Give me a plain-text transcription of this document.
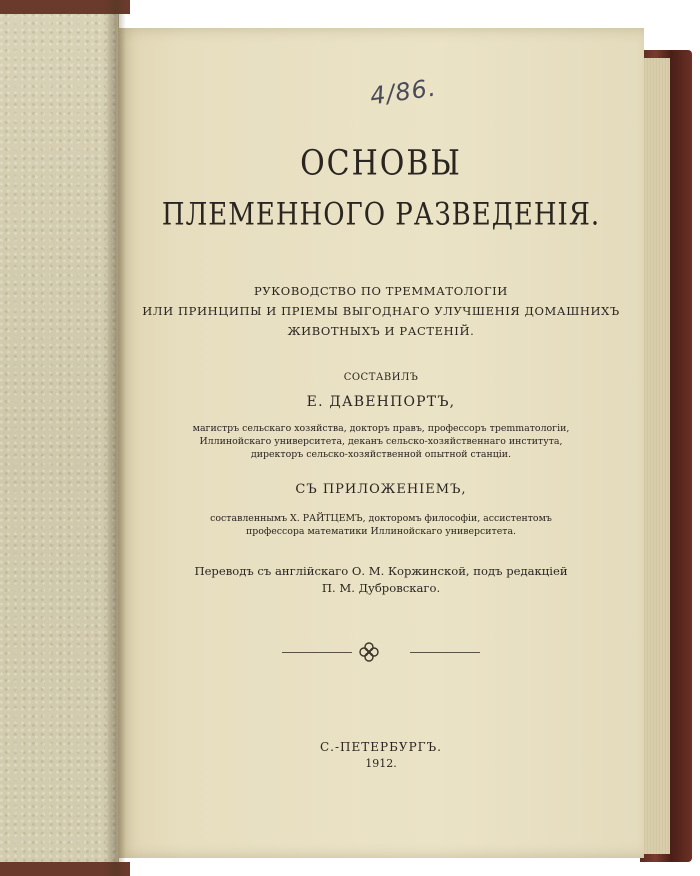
4/86.
ОСНОВЫ
ПЛЕМЕННОГО РАЗВЕДЕНІЯ.
РУКОВОДСТВО ПО ТРЕММАТОЛОГІИ
ИЛИ ПРИНЦИПЫ И ПРІЕМЫ ВЫГОДНАГО УЛУЧШЕНІЯ ДОМАШНИХЪ
ЖИВОТНЫХЪ И РАСТЕНІЙ.
СОСТАВИЛЪ
Е. ДАВЕНПОРТЪ,
магистръ сельскаго хозяйства, докторъ правъ, профессоръ трemmатологіи,
Иллинойскаго университета, деканъ сельско-хозяйственнаго института,
директоръ сельско-хозяйственной опытной станціи.
СЪ ПРИЛОЖЕНІЕМЪ,
составленнымъ Х. РАЙТЦЕМЪ, докторомъ философіи, ассистентомъ
профессора математики Иллинойскаго университета.
Переводъ съ англійскаго О. М. Коржинской, подъ редакціей
П. М. Дубровскаго.
С.-ПЕТЕРБУРГЪ.
1912.
